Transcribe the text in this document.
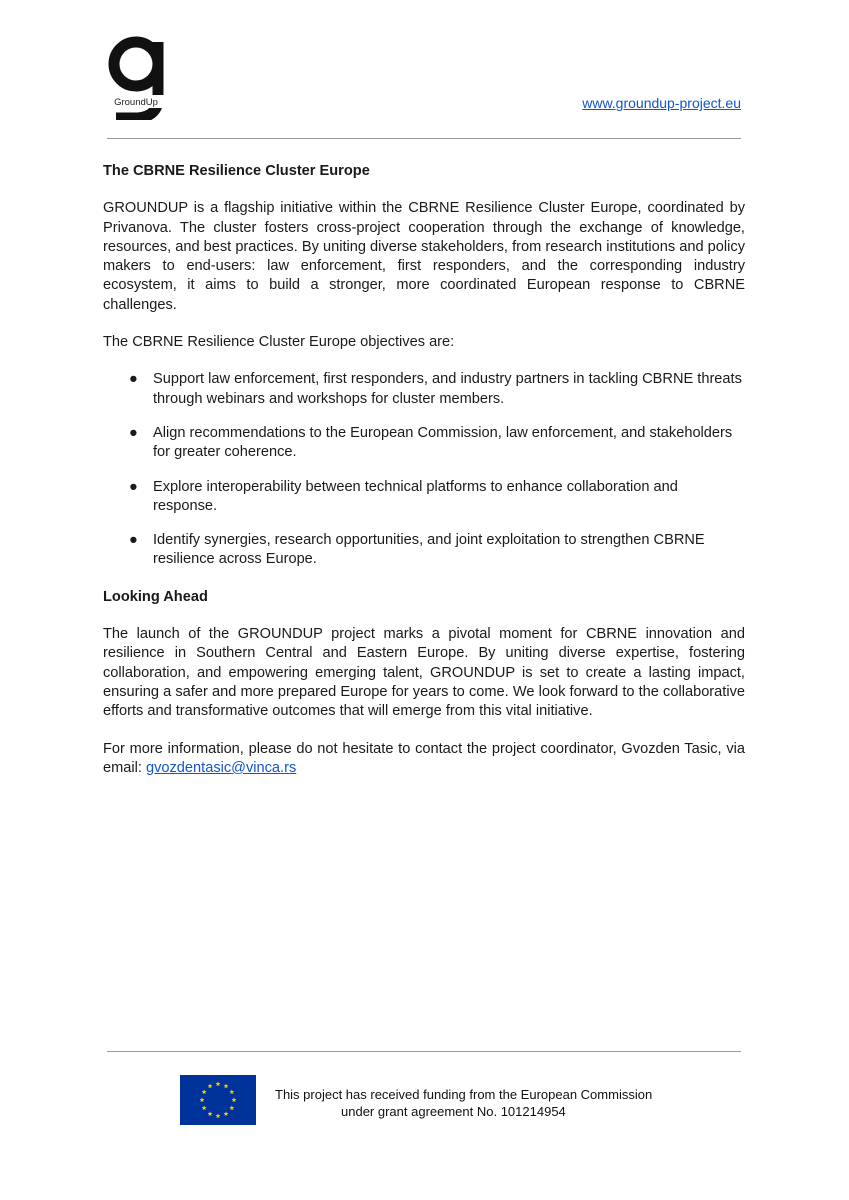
GroundUp	www.groundup-project.eu
The CBRNE Resilience Cluster Europe

GROUNDUP is a flagship initiative within the CBRNE Resilience Cluster Europe, coordinated by Privanova. The cluster fosters cross-project cooperation through the exchange of knowledge, resources, and best practices. By uniting diverse stakeholders, from research institutions and policy makers to end-users: law enforcement, first responders, and the corresponding industry ecosystem, it aims to build a stronger, more coordinated European response to CBRNE challenges.

The CBRNE Resilience Cluster Europe objectives are:

● Support law enforcement, first responders, and industry partners in tackling CBRNE threats through webinars and workshops for cluster members.
● Align recommendations to the European Commission, law enforcement, and stakeholders for greater coherence.
● Explore interoperability between technical platforms to enhance collaboration and response.
● Identify synergies, research opportunities, and joint exploitation to strengthen CBRNE resilience across Europe.
Looking Ahead

The launch of the GROUNDUP project marks a pivotal moment for CBRNE innovation and resilience in Southern Central and Eastern Europe. By uniting diverse expertise, fostering collaboration, and empowering emerging talent, GROUNDUP is set to create a lasting impact, ensuring a safer and more prepared Europe for years to come. We look forward to the collaborative efforts and transformative outcomes that will emerge from this vital initiative.

For more information, please do not hesitate to contact the project coordinator, Gvozden Tasic, via email: gvozdentasic@vinca.rs

This project has received funding from the European Commission
under grant agreement No. 101214954
